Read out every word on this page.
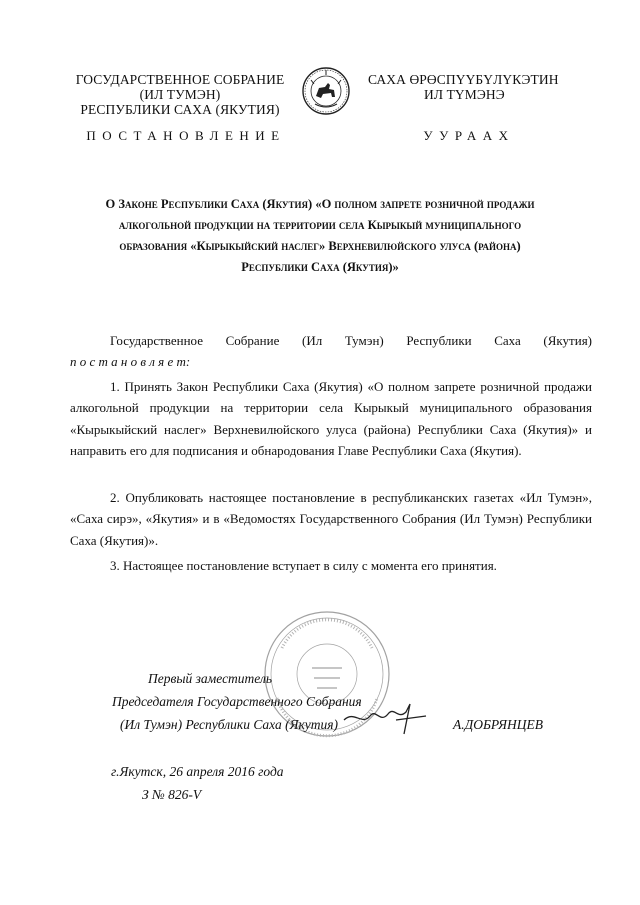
ГОСУДАРСТВЕННОЕ СОБРАНИЕ
(ИЛ ТУМЭН)
РЕСПУБЛИКИ САХА (ЯКУТИЯ)
САХА ӨРӨСПҮҮБҮЛҮКЭТИН
ИЛ ТҮМЭНЭ
ПОСТАНОВЛЕНИЕ	УУРААХ
О Законе Республики Саха (Якутия) «О полном запрете розничной продажи
алкогольной продукции на территории села Кырыкый муниципального
образования «Кырыкыйский наслег» Верхневилюйского улуса (района)
Республики Саха (Якутия)»
Государственное Собрание (Ил Тумэн) Республики Саха (Якутия)
п о с т а н о в л я е т:
1. Принять Закон Республики Саха (Якутия) «О полном запрете розничной продажи алкогольной продукции на территории села Кырыкый муниципального образования «Кырыкыйский наслег» Верхневилюйского улуса (района) Республики Саха (Якутия)» и направить его для подписания и обнародования Главе Республики Саха (Якутия).
2. Опубликовать настоящее постановление в республиканских газетах «Ил Тумэн», «Саха сирэ», «Якутия» и в «Ведомостях Государственного Собрания (Ил Тумэн) Республики Саха (Якутия)».
3. Настоящее постановление вступает в силу с момента его принятия.
Первый заместитель
Председателя Государственного Собрания
(Ил Тумэн) Республики Саха (Якутия)	А.ДОБРЯНЦЕВ
г.Якутск, 26 апреля 2016 года
З № 826-V
